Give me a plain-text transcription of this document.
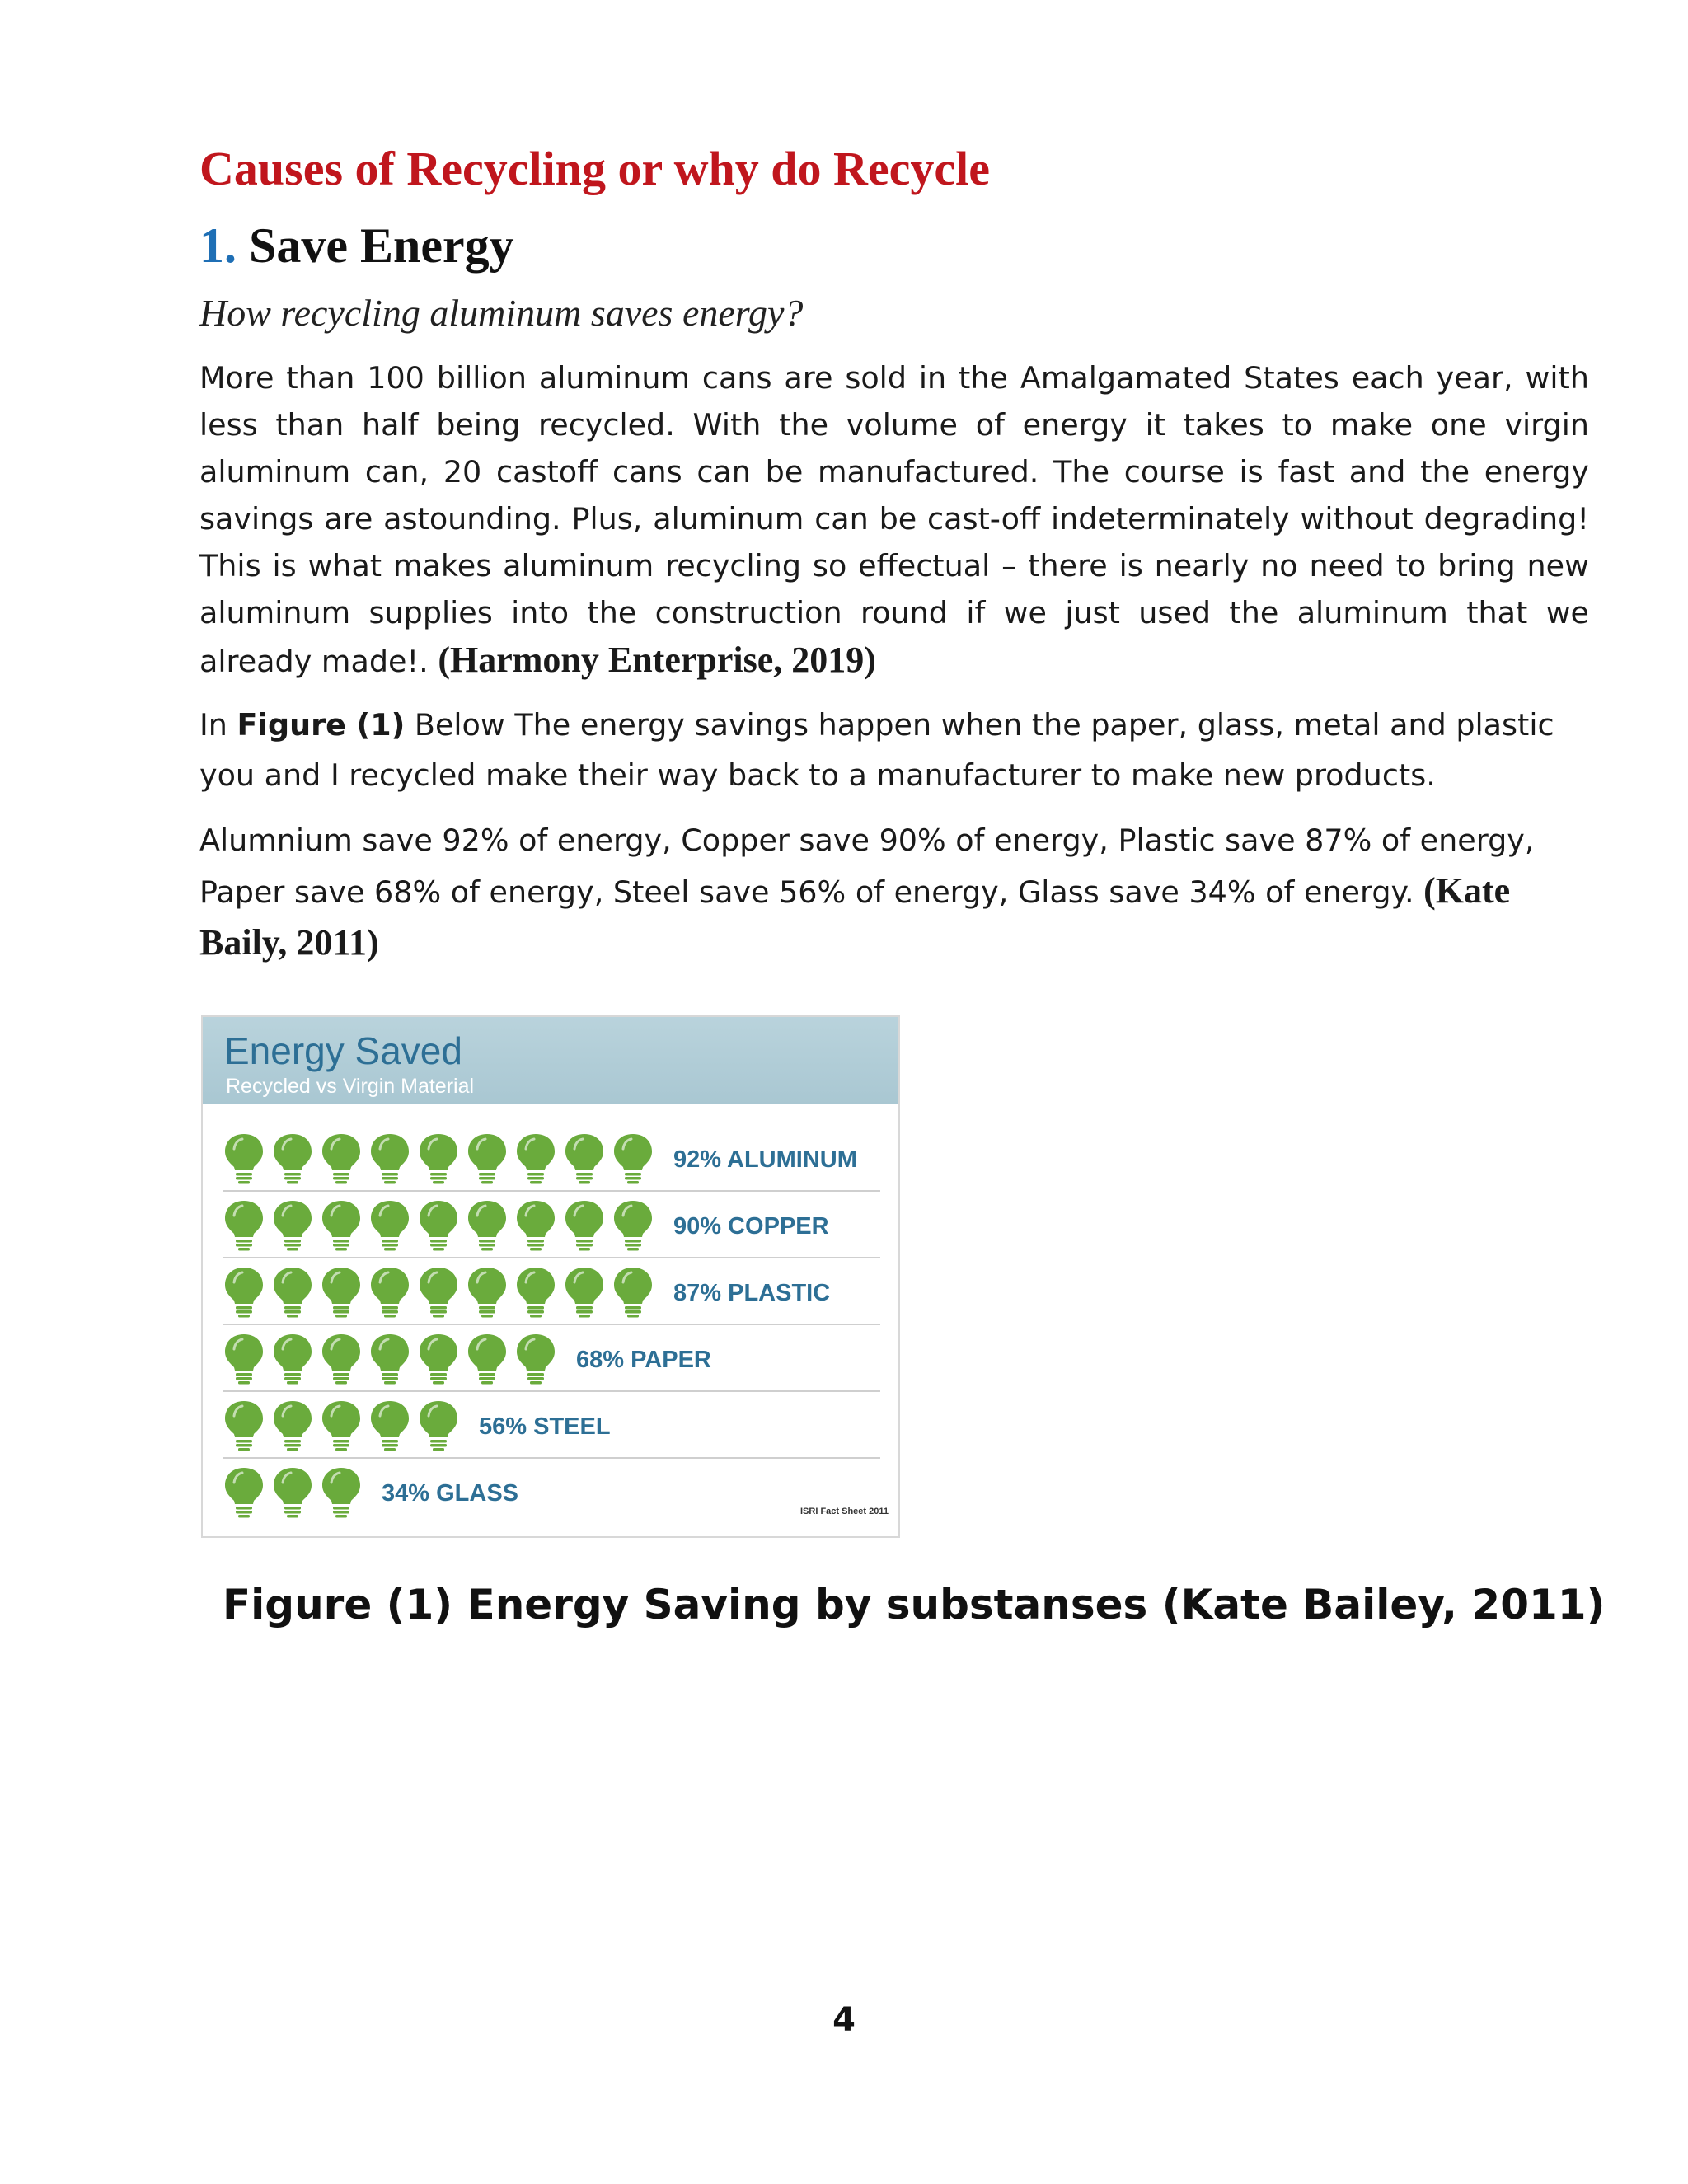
Causes of Recycling or why do Recycle
1. Save Energy
How recycling aluminum saves energy?

More than 100 billion aluminum cans are sold in the Amalgamated States each year, with less than half being recycled. With the volume of energy it takes to make one virgin aluminum can, 20 castoff cans can be manufactured. The course is fast and the energy savings are astounding. Plus, aluminum can be cast-off indeterminately without degrading! This is what makes aluminum recycling so effectual – there is nearly no need to bring new aluminum supplies into the construction round if we just used the aluminum that we already made!. (Harmony Enterprise, 2019)

In Figure (1) Below The energy savings happen when the paper, glass, metal and plastic you and I recycled make their way back to a manufacturer to make new products.

Alumnium save 92% of energy, Copper save 90% of energy, Plastic save 87% of energy, Paper save 68% of energy, Steel save 56% of energy, Glass save 34% of energy. (Kate Baily, 2011)

Energy Saved
Recycled vs Virgin Material
92% ALUMINUM
90% COPPER
87% PLASTIC
68% PAPER
56% STEEL
34% GLASS
ISRI Fact Sheet 2011
Figure (1) Energy Saving by substanses (Kate Bailey, 2011)
4
